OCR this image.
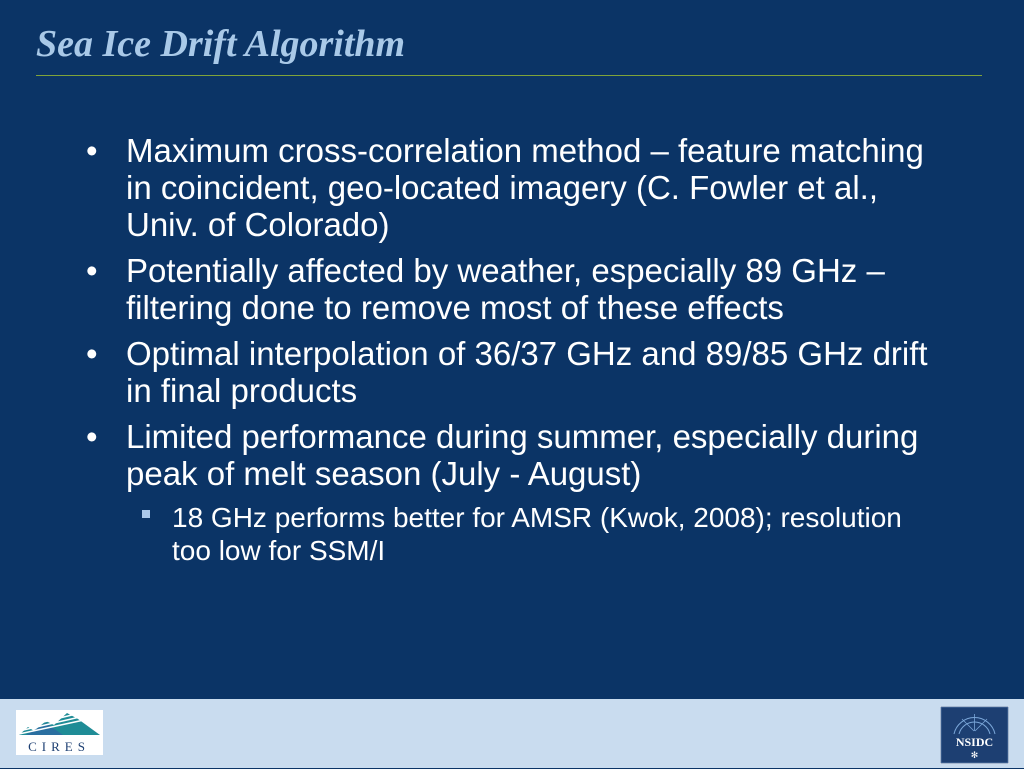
Sea Ice Drift Algorithm
• Maximum cross-correlation method – feature matching in coincident, geo-located imagery (C. Fowler et al., Univ. of Colorado)
• Potentially affected by weather, especially 89 GHz – filtering done to remove most of these effects
• Optimal interpolation of 36/37 GHz and 89/85 GHz drift in final products
• Limited performance during summer, especially during peak of melt season (July - August)
18 GHz performs better for AMSR (Kwok, 2008); resolution too low for SSM/I
CIRES	NSIDC
✻
